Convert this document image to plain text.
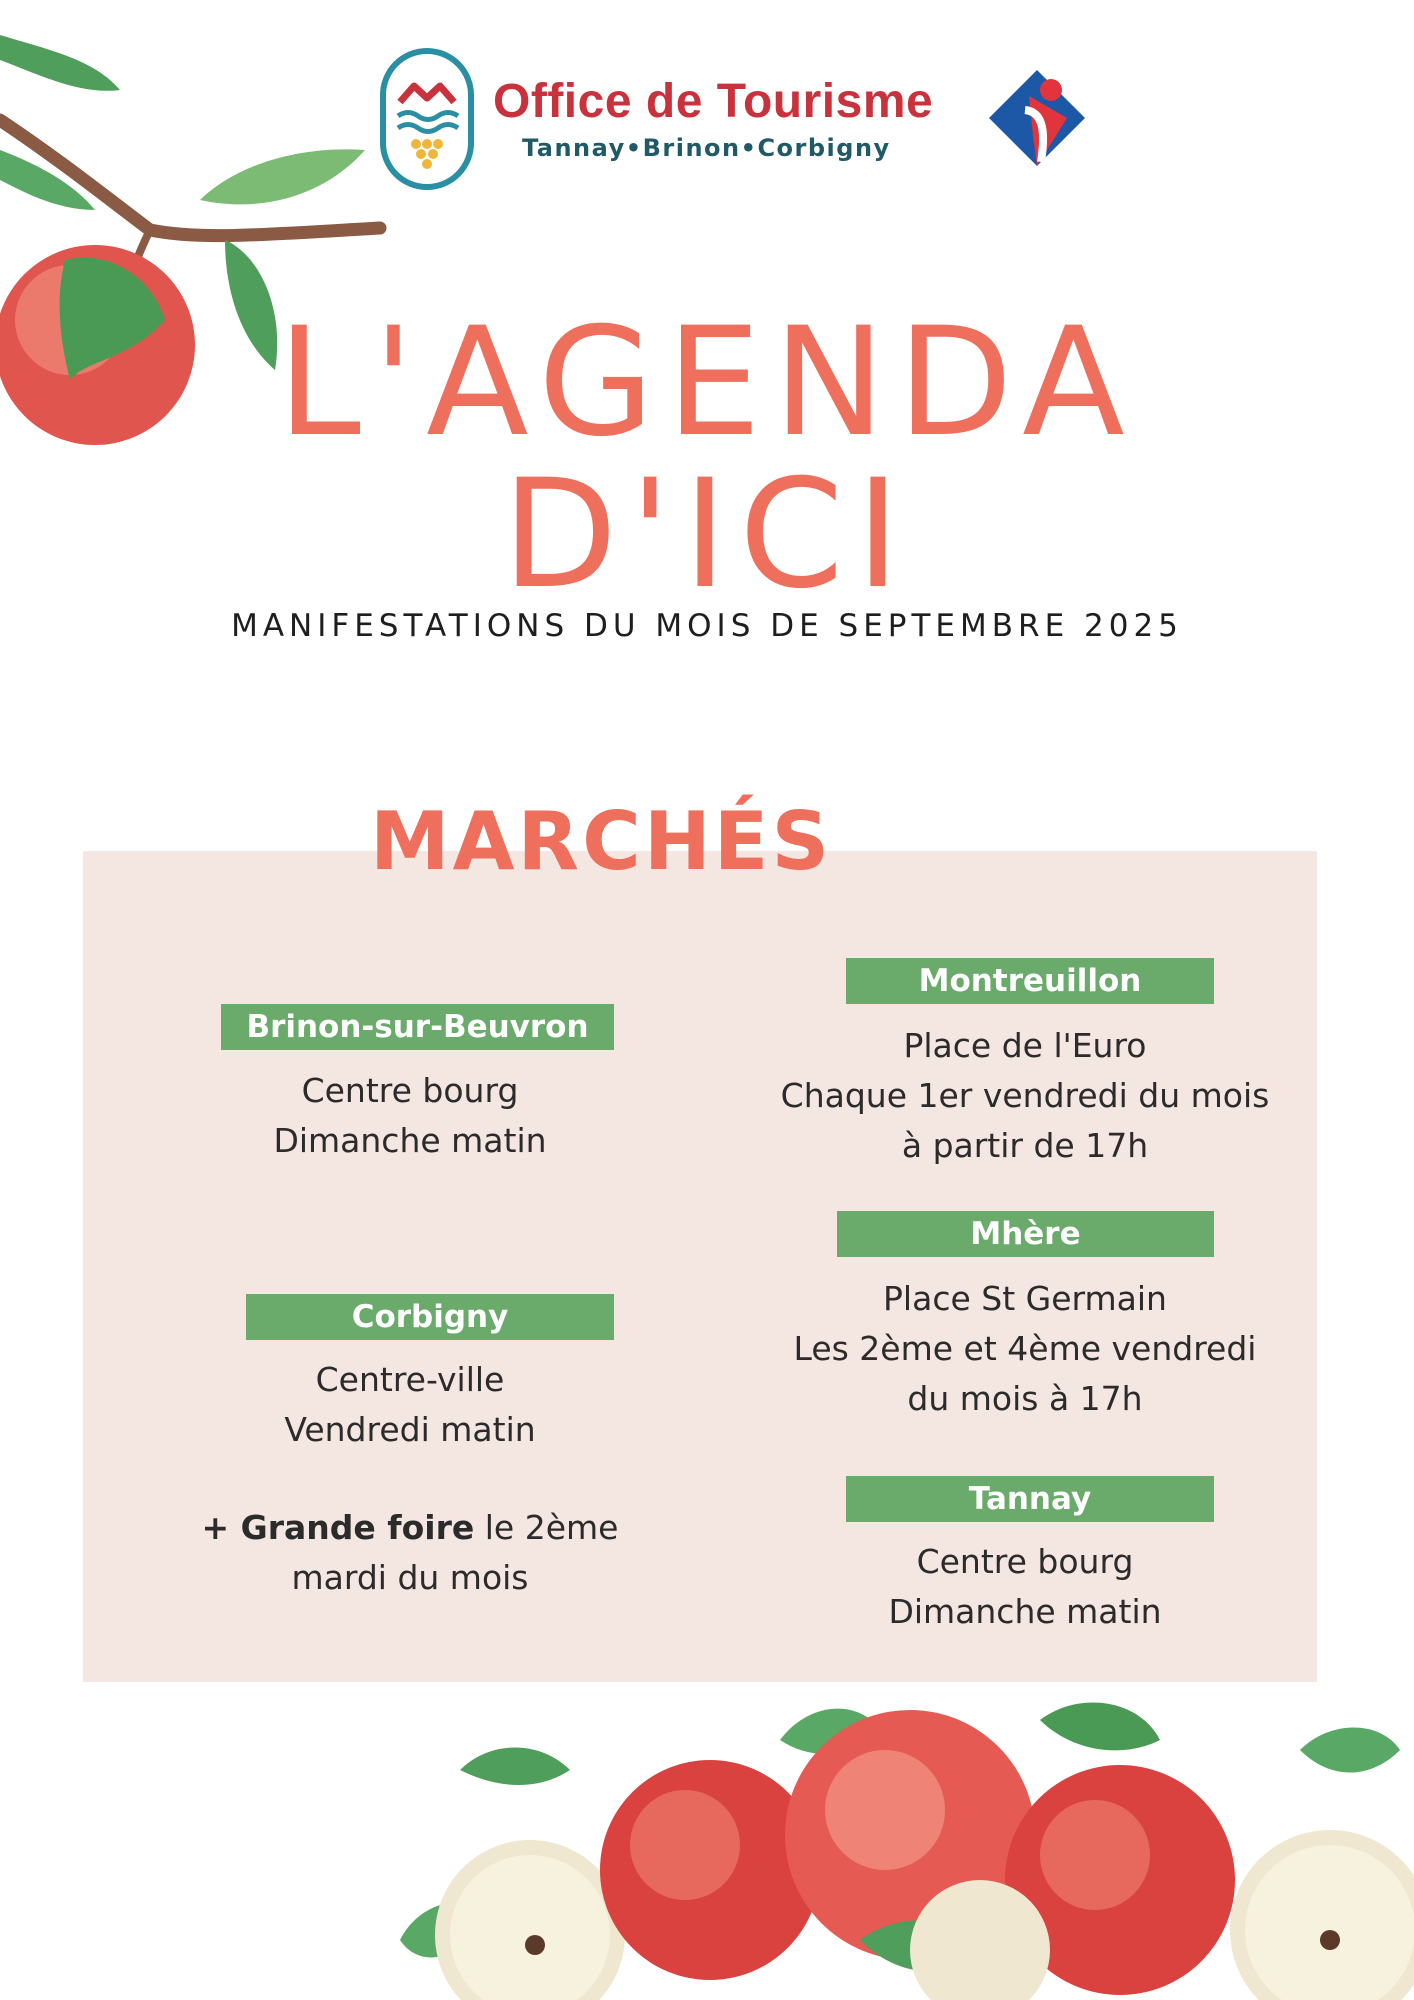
Office de Tourisme
Tannay•Brinon•Corbigny
L'AGENDA
D'ICI
MANIFESTATIONS DU MOIS DE SEPTEMBRE 2025
MARCHÉS
Brinon-sur-Beuvron
Centre bourg
Dimanche matin
Corbigny
Centre-ville
Vendredi matin
+ Grande foire le 2ème
mardi du mois
Montreuillon
Place de l'Euro
Chaque 1er vendredi du mois
à partir de 17h
Mhère
Place St Germain
Les 2ème et 4ème vendredi
du mois à 17h
Tannay
Centre bourg
Dimanche matin
